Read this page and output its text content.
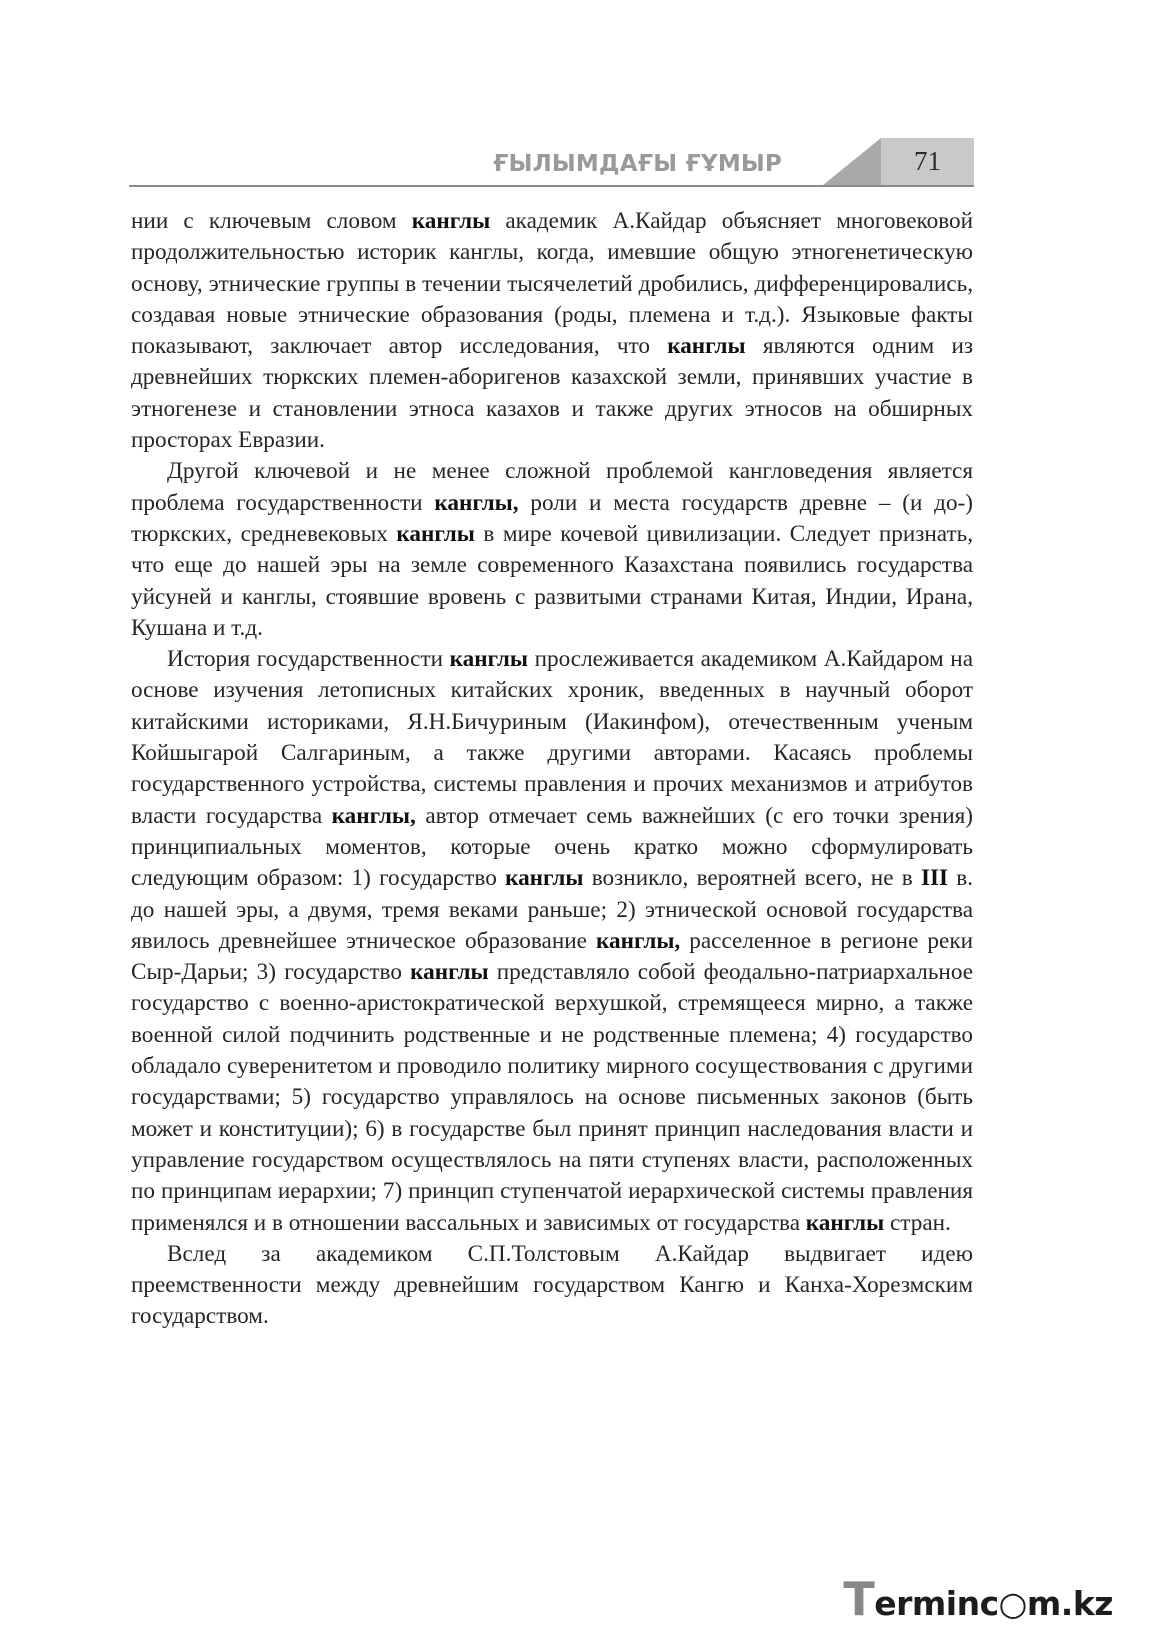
ҒЫЛЫМДАҒЫ ҒҰМЫР	71

нии с ключевым словом канглы академик А.Кайдар объясняет многовековой продолжительностью историк канглы, когда, имевшие общую этногенетическую основу, этнические группы в течении тысячелетий дробились, дифференцировались, создавая новые этнические образования (роды, племена и т.д.). Языковые факты показывают, заключает автор исследования, что канглы являются одним из древнейших тюркских племен-аборигенов казахской земли, принявших участие в этногенезе и становлении этноса казахов и также других этносов на обширных просторах Евразии.

Другой ключевой и не менее сложной проблемой кангловедения является проблема государственности канглы, роли и места государств древне – (и до-) тюркских, средневековых канглы в мире кочевой цивилизации. Следует признать, что еще до нашей эры на земле современного Казахстана появились государства уйсуней и канглы, стоявшие вровень с развитыми странами Китая, Индии, Ирана, Кушана и т.д.

История государственности канглы прослеживается академиком А.Кайдаром на основе изучения летописных китайских хроник, введенных в научный оборот китайскими историками, Я.Н.Бичуриным (Иакинфом), отечественным ученым Койшыгарой Салгариным, а также другими авторами. Касаясь проблемы государственного устройства, системы правления и прочих механизмов и атрибутов власти государства канглы, автор отмечает семь важнейших (с его точки зрения) принципиальных моментов, которые очень кратко можно сформулировать следующим образом: 1) государство канглы возникло, вероятней всего, не в III в. до нашей эры, а двумя, тремя веками раньше; 2) этнической основой государства явилось древнейшее этническое образование канглы, расселенное в регионе реки Сыр-Дарьи; 3) государство канглы представляло собой феодально-патриархальное государство с военно-аристократической верхушкой, стремящееся мирно, а также военной силой подчинить родственные и не родственные племена; 4) государство обладало суверенитетом и проводило политику мирного сосуществования с другими государствами; 5) государство управлялось на основе письменных законов (быть может и конституции); 6) в государстве был принят принцип наследования власти и управление государством осуществлялось на пяти ступенях власти, расположенных по принципам иерархии; 7) принцип ступенчатой иерархической системы правления применялся и в отношении вассальных и зависимых от государства канглы стран.

Вслед за академиком С.П.Толстовым А.Кайдар выдвигает идею преемственности между древнейшим государством Кангю и Канха-Хорезмским государством.

T erminc○m.kz
